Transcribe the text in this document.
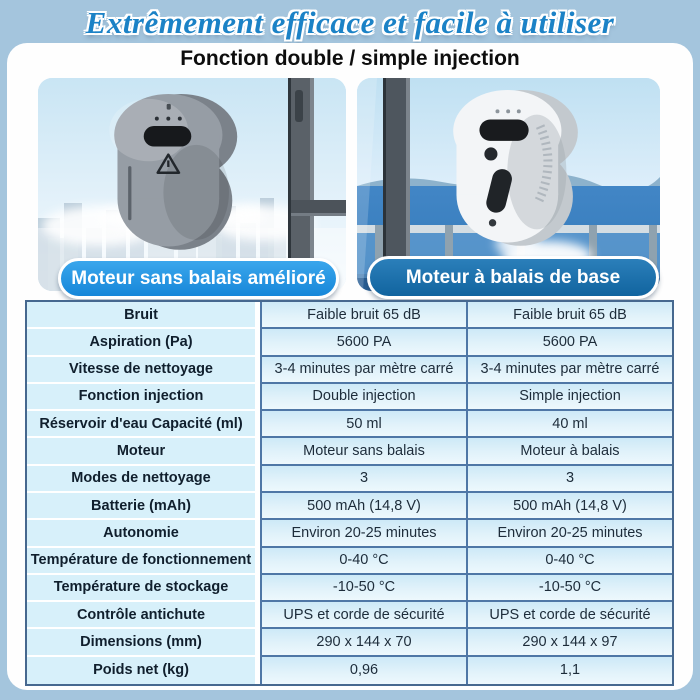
Extrêmement efficace et facile à utiliser
Fonction double / simple injection
Moteur sans balais amélioré	Moteur à balais de base
Bruit	Faible bruit 65 dB	Faible bruit 65 dB
Aspiration (Pa)	5600 PA	5600 PA
Vitesse de nettoyage	3-4 minutes par mètre carré	3-4 minutes par mètre carré
Fonction injection	Double injection	Simple injection
Réservoir d'eau Capacité (ml)	50 ml	40 ml
Moteur	Moteur sans balais	Moteur à balais
Modes de nettoyage	3	3
Batterie (mAh)	500 mAh (14,8 V)	500 mAh (14,8 V)
Autonomie	Environ 20-25 minutes	Environ 20-25 minutes
Température de fonctionnement	0-40 °C	0-40 °C
Température de stockage	-10-50 °C	-10-50 °C
Contrôle antichute	UPS et corde de sécurité	UPS et corde de sécurité
Dimensions (mm)	290 x 144 x 70	290 x 144 x 97
Poids net (kg)	0,96	1,1
